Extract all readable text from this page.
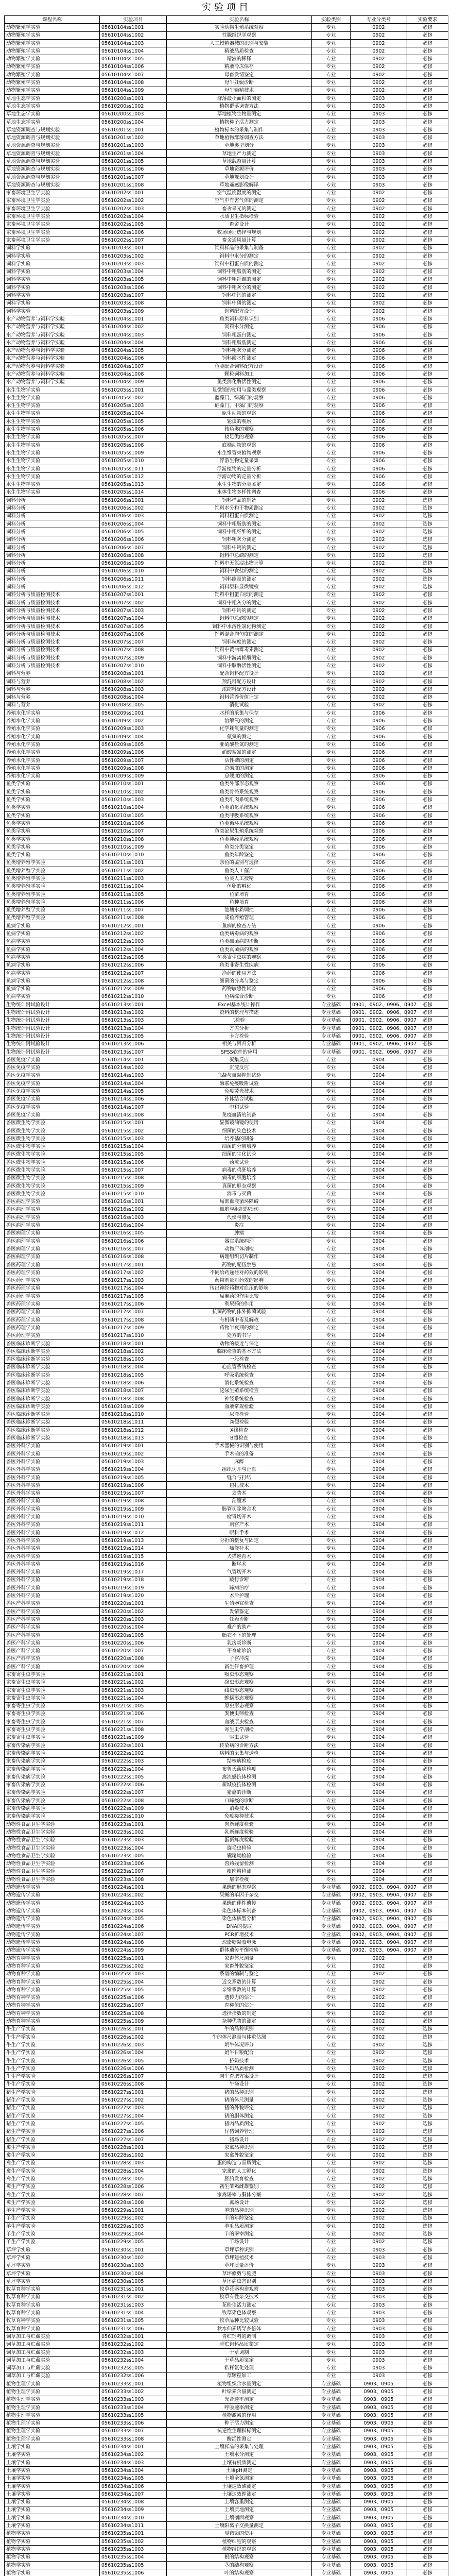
实验项目
课程名称	实验项目	实验名称	实验类别	专业分类号	实验要求
动物繁殖学实验	05610104ss1001	实验动物生殖系统观察	专业	0902	必修
动物繁殖学实验	05610104ss1002	性腺组织学观察	专业	0902	必修
动物繁殖学实验	05610104ss1003	人工授精器械的识别与安装	专业	0902	必修
动物繁殖学实验	05610104ss1004	精液品质检查	专业	0902	必修
动物繁殖学实验	05610104ss1005	精液的稀释	专业	0902	必修
动物繁殖学实验	05610104ss1006	精液冷冻保存	专业	0902	必修
动物繁殖学实验	05610104ss1007	母畜发情鉴定	专业	0902	必修
动物繁殖学实验	05610104ss1008	母牛妊娠诊断	专业	0902	必修
动物繁殖学实验	05610104ss1009	母牛输精技术	专业	0902	必修
草地生态学实验	05610200ss1001	群落最小面积的测定	专业	0903	必修
草地生态学实验	05610200ss1002	植物群落调查方法	专业	0903	必修
草地生态学实验	05610200ss1003	草地植物生物量测定	专业	0903	必修
草地生态学实验	05610200ss1004	植物种子活力测定	专业	0903	必修
草地资源调查与规划实验	05610201ss1001	植物标本的采集与制作	专业	0903	必修
草地资源调查与规划实验	05610201ss1002	草地植物群落调查方法	专业	0903	必修
草地资源调查与规划实验	05610201ss1003	草地类型划分	专业	0903	必修
草地资源调查与规划实验	05610201ss1004	草地生产力测定	专业	0903	必修
草地资源调查与规划实验	05610201ss1005	草地载畜量计算	专业	0903	必修
草地资源调查与规划实验	05610201ss1006	草地资源评价	专业	0903	必修
草地资源调查与规划实验	05610201ss1007	草地规划设计	专业	0903	必修
草地资源调查与规划实验	05610201ss1008	草地遥感影像解译	专业	0903	必修
家畜环境卫生学实验	05610202ss1001	空气温度湿度的测定	专业	0902	必修
家畜环境卫生学实验	05610202ss1002	空气中有害气体的测定	专业	0902	必修
家畜环境卫生学实验	05610202ss1003	畜舍采光的测定	专业	0902	必修
家畜环境卫生学实验	05610202ss1004	水质卫生指标检验	专业	0902	必修
家畜环境卫生学实验	05610202ss1005	畜舍设计	专业	0902	必修
家畜环境卫生学实验	05610202ss1006	牧场场址选择与规划	专业	0902	必修
家畜环境卫生学实验	05610202ss1007	畜舍通风量计算	专业	0902	必修
饲料学实验	05610203ss1001	饲料样品的采集与制备	专业	0902	必修
饲料学实验	05610203ss1002	饲料中水分的测定	专业	0902	必修
饲料学实验	05610203ss1003	饲料中粗蛋白质的测定	专业	0902	必修
饲料学实验	05610203ss1004	饲料中粗脂肪的测定	专业	0902	必修
饲料学实验	05610203ss1005	饲料中粗纤维的测定	专业	0902	必修
饲料学实验	05610203ss1006	饲料中粗灰分的测定	专业	0902	必修
饲料学实验	05610203ss1007	饲料中钙的测定	专业	0902	必修
饲料学实验	05610203ss1008	饲料中磷的测定	专业	0902	必修
饲料学实验	05610203ss1009	饲料配方设计	专业	0902	必修
水产动物营养与饲料学实验	05610204ss1001	鱼类饲料原料识别	专业	0906	必修
水产动物营养与饲料学实验	05610204ss1002	饲料水分测定	专业	0906	必修
水产动物营养与饲料学实验	05610204ss1003	饲料粗蛋白测定	专业	0906	必修
水产动物营养与饲料学实验	05610204ss1004	饲料粗脂肪测定	专业	0906	必修
水产动物营养与饲料学实验	05610204ss1005	饲料粗灰分测定	专业	0906	必修
水产动物营养与饲料学实验	05610204ss1006	饲料耐水性测定	专业	0906	必修
水产动物营养与饲料学实验	05610204ss1007	鱼类配合饲料配方设计	专业	0906	必修
水产动物营养与饲料学实验	05610204ss1008	颗粒饲料加工	专业	0906	必修
水产动物营养与饲料学实验	05610204ss1009	鱼类消化酶活性测定	专业	0906	必修
水生生物学实验	05610205ss1001	显微镜的使用与藻类观察	专业	0906	必修
水生生物学实验	05610205ss1002	蓝藻门、绿藻门的观察	专业	0906	必修
水生生物学实验	05610205ss1003	硅藻门、甲藻门的观察	专业	0906	必修
水生生物学实验	05610205ss1004	原生动物的观察	专业	0906	必修
水生生物学实验	05610205ss1005	轮虫的观察	专业	0906	必修
水生生物学实验	05610205ss1006	枝角类的观察	专业	0906	必修
水生生物学实验	05610205ss1007	桡足类的观察	专业	0906	必修
水生生物学实验	05610205ss1008	底栖动物的观察	专业	0906	必修
水生生物学实验	05610205ss1009	水生维管束植物观察	专业	0906	必修
水生生物学实验	05610205ss1010	浮游生物定量采集	专业	0906	必修
水生生物学实验	05610205ss1011	浮游植物的定量分析	专业	0906	必修
水生生物学实验	05610205ss1012	浮游动物的定量分析	专业	0906	必修
水生生物学实验	05610205ss1013	水生生物的分类鉴定	专业	0906	必修
水生生物学实验	05610205ss1014	水体生物多样性调查	专业	0906	必修
饲料分析	05610206ss1001	饲料样品的制备	专业	0902	选修
饲料分析	05610206ss1002	饲料水分和干物质测定	专业	0902	选修
饲料分析	05610206ss1003	饲料粗蛋白质测定	专业	0902	选修
饲料分析	05610206ss1004	饲料中粗脂肪的测定	专业	0902	选修
饲料分析	05610206ss1005	饲料中粗纤维的测定	专业	0902	选修
饲料分析	05610206ss1006	饲料粗灰分测定	专业	0902	选修
饲料分析	05610206ss1007	饲料中钙的测定	专业	0902	选修
饲料分析	05610206ss1008	饲料中总磷的测定	专业	0902	选修
饲料分析	05610206ss1009	饲料中无氮浸出物计算	专业	0902	选修
饲料分析	05610206ss1010	饲料中食盐的测定	专业	0902	选修
饲料分析	05610206ss1011	饲料能量的测定	专业	0902	选修
饲料分析	05610206ss1012	饲料原料显微镜检	专业	0902	选修
饲料分析与质量检测技术	05610207ss1001	饲料中粗蛋白质的测定	专业	0902	必修
饲料分析与质量检测技术	05610207ss1002	饲料中粗灰分的测定	专业	0902	必修
饲料分析与质量检测技术	05610207ss1003	饲料中钙的测定	专业	0902	必修
饲料分析与质量检测技术	05610207ss1004	饲料中总磷的测定	专业	0902	必修
饲料分析与质量检测技术	05610207ss1005	饲料中水溶性氯化物测定	专业	0902	必修
饲料分析与质量检测技术	05610207ss1006	饲料混合均匀度的测定	专业	0902	必修
饲料分析与质量检测技术	05610207ss1007	饲料粒度的测定	专业	0902	必修
饲料分析与质量检测技术	05610207ss1008	饲料中黄曲霉毒素测定	专业	0902	必修
饲料分析与质量检测技术	05610207ss1009	饲料中游离棉酚测定	专业	0902	必修
饲料分析与质量检测技术	05610207ss1010	饲料中脲酶活性测定	专业	0902	必修
饲料与营养	05610208ss1001	配合饲料配方设计	专业	0902	必修
饲料与营养	05610208ss1002	预混料配方设计	专业	0902	必修
饲料与营养	05610208ss1003	浓缩料配方设计	专业	0902	必修
饲料与营养	05610208ss1004	饲料营养价值评定	专业	0902	必修
饲料与营养	05610208ss1005	消化试验	专业	0902	必修
养殖水化学实验	05610209ss1001	水样的采集与保存	专业	0906	必修
养殖水化学实验	05610209ss1002	溶解氧的测定	专业	0906	必修
养殖水化学实验	05610209ss1003	化学耗氧量的测定	专业	0906	必修
养殖水化学实验	05610209ss1004	氨氮的测定	专业	0906	必修
养殖水化学实验	05610209ss1005	亚硝酸盐氮的测定	专业	0906	必修
养殖水化学实验	05610209ss1006	硝酸盐氮的测定	专业	0906	必修
养殖水化学实验	05610209ss1007	活性磷的测定	专业	0906	必修
养殖水化学实验	05610209ss1008	总碱度的测定	专业	0906	必修
养殖水化学实验	05610209ss1009	总硬度的测定	专业	0906	必修
鱼类学实验	05610210ss1001	鱼类外部形态观察	专业	0906	必修
鱼类学实验	05610210ss1002	鱼类骨骼系统观察	专业	0906	必修
鱼类学实验	05610210ss1003	鱼类肌肉系统观察	专业	0906	必修
鱼类学实验	05610210ss1004	鱼类消化系统观察	专业	0906	必修
鱼类学实验	05610210ss1005	鱼类呼吸系统观察	专业	0906	必修
鱼类学实验	05610210ss1006	鱼类循环系统观察	专业	0906	必修
鱼类学实验	05610210ss1007	鱼类泌尿生殖系统观察	专业	0906	必修
鱼类学实验	05610210ss1008	鱼类神经系统观察	专业	0906	必修
鱼类学实验	05610210ss1009	鱼类分类鉴定	专业	0906	必修
鱼类学实验	05610210ss1010	鱼类年龄鉴定	专业	0906	必修
鱼类增养殖学实验	05610211ss1001	亲鱼的鉴别与选择	专业	0906	必修
鱼类增养殖学实验	05610211ss1002	鱼类人工催产	专业	0906	必修
鱼类增养殖学实验	05610211ss1003	鱼类人工授精	专业	0906	必修
鱼类增养殖学实验	05610211ss1004	鱼卵的孵化	专业	0906	必修
鱼类增养殖学实验	05610211ss1005	鱼苗培育	专业	0906	必修
鱼类增养殖学实验	05610211ss1006	鱼种培育	专业	0906	必修
鱼类增养殖学实验	05610211ss1007	池塘水质调控	专业	0906	必修
鱼类增养殖学实验	05610211ss1008	成鱼养殖管理	专业	0906	必修
鱼病学实验	05610212ss1001	鱼病的检查方法	专业	0906	必修
鱼病学实验	05610212ss1002	鱼类病毒病的观察	专业	0906	必修
鱼病学实验	05610212ss1003	鱼类细菌病的诊断	专业	0906	必修
鱼病学实验	05610212ss1004	鱼类真菌病的观察	专业	0906	必修
鱼病学实验	05610212ss1005	鱼类寄生虫病的观察	专业	0906	必修
鱼病学实验	05610212ss1006	鱼类非寄生性疾病	专业	0906	必修
鱼病学实验	05610212ss1007	渔药的使用方法	专业	0906	必修
鱼病学实验	05610212ss1008	细菌的分离与鉴定	专业	0906	必修
鱼病学实验	05610212ss1009	药物敏感性试验	专业	0906	必修
鱼病学实验	05610212ss1010	鱼病综合诊断	专业	0906	必修
生物统计附试验设计	05610213ss1001	Excel基本统计操作	专业基础	0901、0902、0906、0907	必修
生物统计附试验设计	05610213ss1002	资料的整理与描述	专业基础	0901、0902、0906、0907	必修
生物统计附试验设计	05610213ss1003	t检验	专业基础	0901、0902、0906、0907	必修
生物统计附试验设计	05610213ss1004	方差分析	专业基础	0901、0902、0906、0907	必修
生物统计附试验设计	05610213ss1005	卡方检验	专业基础	0901、0902、0906、0907	必修
生物统计附试验设计	05610213ss1006	相关与回归分析	专业基础	0901、0902、0906、0907	必修
生物统计附试验设计	05610213ss1007	SPSS软件的应用	专业基础	0901、0902、0906、0907	必修
兽医免疫学实验	05610214ss1001	凝集反应	专业	0904	必修
兽医免疫学实验	05610214ss1002	沉淀反应	专业	0904	必修
兽医免疫学实验	05610214ss1003	血凝与血凝抑制试验	专业	0904	必修
兽医免疫学实验	05610214ss1004	酶联免疫吸附试验	专业	0904	必修
兽医免疫学实验	05610214ss1005	免疫荧光技术	专业	0904	必修
兽医免疫学实验	05610214ss1006	补体结合试验	专业	0904	必修
兽医免疫学实验	05610214ss1007	中和试验	专业	0904	必修
兽医免疫学实验	05610214ss1008	免疫血清的制备	专业	0904	必修
兽医微生物学实验	05610215ss1001	显微镜油镜的使用	专业	0904	必修
兽医微生物学实验	05610215ss1002	细菌的染色技术	专业	0904	必修
兽医微生物学实验	05610215ss1003	培养基的制备	专业	0904	必修
兽医微生物学实验	05610215ss1004	细菌的分离培养	专业	0904	必修
兽医微生物学实验	05610215ss1005	细菌的生化试验	专业	0904	必修
兽医微生物学实验	05610215ss1006	药敏试验	专业	0904	必修
兽医微生物学实验	05610215ss1007	病毒的鸡胚培养	专业	0904	必修
兽医微生物学实验	05610215ss1008	病毒的细胞培养	专业	0904	必修
兽医微生物学实验	05610215ss1009	真菌的形态观察	专业	0904	必修
兽医微生物学实验	05610215ss1010	消毒与灭菌	专业	0904	必修
兽医病理学实验	05610216ss1001	局部血液循环障碍	专业	0904	必修
兽医病理学实验	05610216ss1002	细胞与组织的损伤	专业	0904	必修
兽医病理学实验	05610216ss1003	代偿与修复	专业	0904	必修
兽医病理学实验	05610216ss1004	炎症	专业	0904	必修
兽医病理学实验	05610216ss1005	肿瘤	专业	0904	必修
兽医病理学实验	05610216ss1006	器官系统病理	专业	0904	必修
兽医病理学实验	05610216ss1007	动物尸体剖检	专业	0904	必修
兽医病理学实验	05610216ss1008	病理组织切片制作	专业	0904	必修
兽医药理学实验	05610217ss1001	药物的配伍禁忌	专业	0904	必修
兽医药理学实验	05610217ss1002	不同给药途径对药效的影响	专业	0904	必修
兽医药理学实验	05610217ss1003	药物剂量对药效的影响	专业	0904	必修
兽医药理学实验	05610217ss1004	传出神经药物对血压的影响	专业	0904	必修
兽医药理学实验	05610217ss1005	局麻药的作用比较	专业	0904	必修
兽医药理学实验	05610217ss1006	利尿药的作用	专业	0904	必修
兽医药理学实验	05610217ss1007	抗菌药物的体外抑菌试验	专业	0904	必修
兽医药理学实验	05610217ss1008	有机磷中毒及解救	专业	0904	必修
兽医药理学实验	05610217ss1009	药物半衰期的测定	专业	0904	必修
兽医药理学实验	05610217ss1010	处方的书写	专业	0904	必修
兽医临床诊断学实验	05610218ss1001	动物的接近与保定	专业	0904	必修
兽医临床诊断学实验	05610218ss1002	临床检查的基本方法	专业	0904	必修
兽医临床诊断学实验	05610218ss1003	一般检查	专业	0904	必修
兽医临床诊断学实验	05610218ss1004	心血管系统检查	专业	0904	必修
兽医临床诊断学实验	05610218ss1005	呼吸系统检查	专业	0904	必修
兽医临床诊断学实验	05610218ss1006	消化系统检查	专业	0904	必修
兽医临床诊断学实验	05610218ss1007	泌尿生殖系统检查	专业	0904	必修
兽医临床诊断学实验	05610218ss1008	神经系统检查	专业	0904	必修
兽医临床诊断学实验	05610218ss1009	血液常规检验	专业	0904	必修
兽医临床诊断学实验	05610218ss1010	尿液检验	专业	0904	必修
兽医临床诊断学实验	05610218ss1011	粪便检验	专业	0904	必修
兽医临床诊断学实验	05610218ss1012	X线检查	专业	0904	必修
兽医临床诊断学实验	05610218ss1013	B超检查	专业	0904	必修
兽医外科学实验	05610219ss1001	手术器械的识别与使用	专业	0904	必修
兽医外科学实验	05610219ss1002	手术前的准备	专业	0904	必修
兽医外科学实验	05610219ss1003	麻醉	专业	0904	必修
兽医外科学实验	05610219ss1004	组织切开与止血	专业	0904	必修
兽医外科学实验	05610219ss1005	缝合与打结	专业	0904	必修
兽医外科学实验	05610219ss1006	包扎技术	专业	0904	必修
兽医外科学实验	05610219ss1007	去势术	专业	0904	必修
兽医外科学实验	05610219ss1008	剖腹术	专业	0904	必修
兽医外科学实验	05610219ss1009	肠管切除吻合术	专业	0904	必修
兽医外科学实验	05610219ss1010	瘤胃切开术	专业	0904	必修
兽医外科学实验	05610219ss1011	剖宫产术	专业	0904	必修
兽医外科学实验	05610219ss1012	眼科手术	专业	0904	必修
兽医外科学实验	05610219ss1013	骨折的整复与固定	专业	0904	必修
兽医外科学实验	05610219ss1014	疝修补术	专业	0904	必修
兽医外科学实验	05610219ss1015	犬猫绝育术	专业	0904	必修
兽医外科学实验	05610219ss1016	断尾术	专业	0904	必修
兽医外科学实验	05610219ss1017	气管切开术	专业	0904	必修
兽医外科学实验	05610219ss1018	跛行诊断	专业	0904	必修
兽医外科学实验	05610219ss1019	蹄病治疗	专业	0904	必修
兽医外科学实验	05610219ss1020	术后护理	专业	0904	必修
兽医产科学实验	05610220ss1001	生殖器官检查	专业	0904	必修
兽医产科学实验	05610220ss1002	发情鉴定	专业	0904	必修
兽医产科学实验	05610220ss1003	妊娠诊断	专业	0904	必修
兽医产科学实验	05610220ss1004	难产的助产	专业	0904	必修
兽医产科学实验	05610220ss1005	胎衣不下的处理	专业	0904	必修
兽医产科学实验	05610220ss1006	乳房炎诊断	专业	0904	必修
兽医产科学实验	05610220ss1007	不育症诊治	专业	0904	必修
兽医产科学实验	05610220ss1008	子宫冲洗	专业	0904	必修
兽医产科学实验	05610220ss1009	新生仔畜护理	专业	0904	必修
家畜寄生虫学实验	05610221ss1001	吸虫形态观察	专业	0904	必修
家畜寄生虫学实验	05610221ss1002	绦虫形态观察	专业	0904	必修
家畜寄生虫学实验	05610221ss1003	线虫形态观察	专业	0904	必修
家畜寄生虫学实验	05610221ss1004	蜱螨形态观察	专业	0904	必修
家畜寄生虫学实验	05610221ss1005	原虫形态观察	专业	0904	必修
家畜寄生虫学实验	05610221ss1006	粪便虫卵检查	专业	0904	必修
家畜寄生虫学实验	05610221ss1007	血液原虫检查	专业	0904	必修
家畜寄生虫学实验	05610221ss1008	寄生虫学剖检	专业	0904	必修
家畜寄生虫学实验	05610221ss1009	驱虫试验	专业	0904	必修
家畜传染病学实验	05610222ss1001	传染病的诊断方法	专业	0904	必修
家畜传染病学实验	05610222ss1002	病料的采集与送检	专业	0904	必修
家畜传染病学实验	05610222ss1003	结核病检疫	专业	0904	必修
家畜传染病学实验	05610222ss1004	布鲁氏菌病检疫	专业	0904	必修
家畜传染病学实验	05610222ss1005	禽流感抗体检测	专业	0904	必修
家畜传染病学实验	05610222ss1006	新城疫抗体检测	专业	0904	必修
家畜传染病学实验	05610222ss1007	猪瘟的诊断	专业	0904	必修
家畜传染病学实验	05610222ss1008	口蹄疫的诊断	专业	0904	必修
家畜传染病学实验	05610222ss1009	消毒技术	专业	0904	必修
家畜传染病学实验	05610222ss1010	免疫接种技术	专业	0904	必修
动物性食品卫生学实验	05610223ss1001	肉新鲜度检验	专业	0904	必修
动物性食品卫生学实验	05610223ss1002	乳新鲜度检验	专业	0904	必修
动物性食品卫生学实验	05610223ss1003	蛋新鲜度检验	专业	0904	必修
动物性食品卫生学实验	05610223ss1004	旋毛虫检验	专业	0904	必修
动物性食品卫生学实验	05610223ss1005	囊尾蚴检验	专业	0904	必修
动物性食品卫生学实验	05610223ss1006	兽药残留检测	专业	0904	必修
动物性食品卫生学实验	05610223ss1007	瘦肉精检测	专业	0904	必修
动物性食品卫生学实验	05610223ss1008	屠宰检疫	专业	0904	必修
动物遗传学实验	05610224ss1001	果蝇的形态观察	专业基础	0902、0903、0904、0907	必修
动物遗传学实验	05610224ss1002	果蝇的单因子杂交	专业基础	0902、0903、0904、0907	必修
动物遗传学实验	05610224ss1003	果蝇的伴性遗传	专业基础	0902、0903、0904、0907	必修
动物遗传学实验	05610224ss1004	染色体标本制备	专业基础	0902、0903、0904、0907	必修
动物遗传学实验	05610224ss1005	染色体核型分析	专业基础	0902、0903、0904、0907	必修
动物遗传学实验	05610224ss1006	DNA的提取	专业基础	0902、0903、0904、0907	必修
动物遗传学实验	05610224ss1007	PCR扩增技术	专业基础	0902、0903、0904、0907	必修
动物遗传学实验	05610224ss1008	琼脂糖凝胶电泳	专业基础	0902、0903、0904、0907	必修
动物遗传学实验	05610224ss1009	群体遗传平衡检验	专业基础	0902、0903、0904、0907	必修
动物育种学实验	05610225ss1001	家畜体尺测量	专业	0902	必修
动物育种学实验	05610225ss1002	家畜外貌鉴定	专业	0902	必修
动物育种学实验	05610225ss1003	系谱的编制与鉴定	专业	0902	必修
动物育种学实验	05610225ss1004	近交系数的计算	专业	0902	必修
动物育种学实验	05610225ss1005	亲缘系数的计算	专业	0902	必修
动物育种学实验	05610225ss1006	遗传力的估计	专业	0902	必修
动物育种学实验	05610225ss1007	育种值的估计	专业	0902	必修
动物育种学实验	05610225ss1008	选择指数的制定	专业	0902	必修
动物育种学实验	05610225ss1009	杂种优势的测定	专业	0902	必修
牛生产学实验	05610226ss1001	牛的品种识别	专业	0902	选修
牛生产学实验	05610226ss1002	牛的体尺测量与体重估测	专业	0902	选修
牛生产学实验	05610226ss1003	奶牛体况评分	专业	0902	选修
牛生产学实验	05610226ss1004	奶牛日粮配合	专业	0902	选修
牛生产学实验	05610226ss1005	挤奶技术	专业	0902	选修
牛生产学实验	05610226ss1006	牛奶品质检测	专业	0902	选修
牛生产学实验	05610226ss1007	肉牛育肥方案设计	专业	0902	选修
牛生产学实验	05610226ss1008	牛场设计	专业	0902	选修
猪生产学实验	05610227ss1001	猪的品种识别	专业	0902	选修
猪生产学实验	05610227ss1002	猪的体尺测量	专业	0902	选修
猪生产学实验	05610227ss1003	猪的外貌评定	专业	0902	选修
猪生产学实验	05610227ss1004	猪的胴体测定	专业	0902	选修
猪生产学实验	05610227ss1005	猪肉品质测定	专业	0902	选修
猪生产学实验	05610227ss1006	仔猪饲养管理	专业	0902	选修
猪生产学实验	05610227ss1007	猪场设计	专业	0902	选修
禽生产学实验	05610228ss1001	家禽品种识别	专业	0902	选修
禽生产学实验	05610228ss1002	家禽外貌鉴定	专业	0902	选修
禽生产学实验	05610228ss1003	蛋的构造与品质测定	专业	0902	选修
禽生产学实验	05610228ss1004	家禽的人工孵化	专业	0902	选修
禽生产学实验	05610228ss1005	胚胎发育检查	专业	0902	选修
禽生产学实验	05610228ss1006	初生雏鸡雌雄鉴别	专业	0902	选修
禽生产学实验	05610228ss1007	家禽屠宰与胴体分割	专业	0902	选修
禽生产学实验	05610228ss1008	禽场设计	专业	0902	选修
羊生产学实验	05610229ss1001	羊的品种识别	专业	0902	选修
羊生产学实验	05610229ss1002	羊的年龄鉴定	专业	0902	选修
羊生产学实验	05610229ss1003	羊毛品质测定	专业	0902	选修
羊生产学实验	05610229ss1004	羊的屠宰测定	专业	0902	选修
羊生产学实验	05610229ss1005	羊场设计	专业	0902	选修
草坪学实验	05610230ss1001	草坪草种识别	专业	0903	必修
草坪学实验	05610230ss1002	草坪建植技术	专业	0903	必修
草坪学实验	05610230ss1003	草坪质量评价	专业	0903	必修
草坪学实验	05610230ss1004	草坪修剪与施肥	专业	0903	必修
草坪学实验	05610230ss1005	草坪病虫害识别	专业	0903	必修
牧草育种学实验	05610231ss1001	牧草花器构造观察	专业	0903	必修
牧草育种学实验	05610231ss1002	牧草有性杂交技术	专业	0903	必修
牧草育种学实验	05610231ss1003	花粉生活力测定	专业	0903	必修
牧草育种学实验	05610231ss1004	牧草染色体观察	专业	0903	必修
牧草育种学实验	05610231ss1005	牧草品种比较试验	专业	0903	必修
牧草育种学实验	05610231ss1006	秋水仙素诱导多倍体	专业	0903	必修
饲草加工与贮藏实验	05610232ss1001	青贮饲料的调制	专业	0903	必修
饲草加工与贮藏实验	05610232ss1002	青贮饲料品质鉴定	专业	0903	必修
饲草加工与贮藏实验	05610232ss1003	干草调制	专业	0903	必修
饲草加工与贮藏实验	05610232ss1004	干草品质鉴定	专业	0903	必修
饲草加工与贮藏实验	05610232ss1005	秸秆氨化处理	专业	0903	必修
饲草加工与贮藏实验	05610232ss1006	草颗粒加工	专业	0903	必修
植物生理学实验	05610233ss1001	植物组织含水量测定	专业基础	0903、0905	必修
植物生理学实验	05610233ss1002	叶绿素含量测定	专业基础	0903、0905	必修
植物生理学实验	05610233ss1003	光合速率测定	专业基础	0903、0905	必修
植物生理学实验	05610233ss1004	呼吸速率测定	专业基础	0903、0905	必修
植物生理学实验	05610233ss1005	植物激素的作用	专业基础	0903、0905	必修
植物生理学实验	05610233ss1006	种子活力测定	专业基础	0903、0905	必修
植物生理学实验	05610233ss1007	抗逆性生理指标测定	专业基础	0903、0905	必修
植物生理学实验	05610233ss1008	酶活性测定	专业基础	0903、0905	必修
土壤学实验	05610234ss1001	土壤样品的采集与处理	专业基础	0903、0905	必修
土壤学实验	05610234ss1002	土壤水分测定	专业基础	0903、0905	必修
土壤学实验	05610234ss1003	土壤有机质测定	专业基础	0903、0905	必修
土壤学实验	05610234ss1004	土壤pH测定	专业基础	0903、0905	必修
土壤学实验	05610234ss1005	土壤全氮测定	专业基础	0903、0905	必修
土壤学实验	05610234ss1006	土壤速效磷测定	专业基础	0903、0905	必修
土壤学实验	05610234ss1007	土壤速效钾测定	专业基础	0903、0905	必修
土壤学实验	05610234ss1008	土壤容重测定	专业基础	0903、0905	必修
土壤学实验	05610234ss1009	土壤质地测定	专业基础	0903、0905	必修
土壤学实验	05610234ss1010	土壤剖面观察	专业基础	0903、0905	必修
土壤学实验	05610234ss1011	土壤阳离子交换量测定	专业基础	0903、0905	必修
植物学实验	05610235ss1001	显微镜的使用	专业基础	0903、0905	必修
植物学实验	05610235ss1002	植物细胞的观察	专业基础	0903、0905	必修
植物学实验	05610235ss1003	植物组织的观察	专业基础	0903、0905	必修
植物学实验	05610235ss1004	根的结构观察	专业基础	0903、0905	必修
植物学实验	05610235ss1005	茎的结构观察	专业基础	0903、0905	必修
植物学实验	05610235ss1006	叶的结构观察	专业基础	0903、0905	必修
